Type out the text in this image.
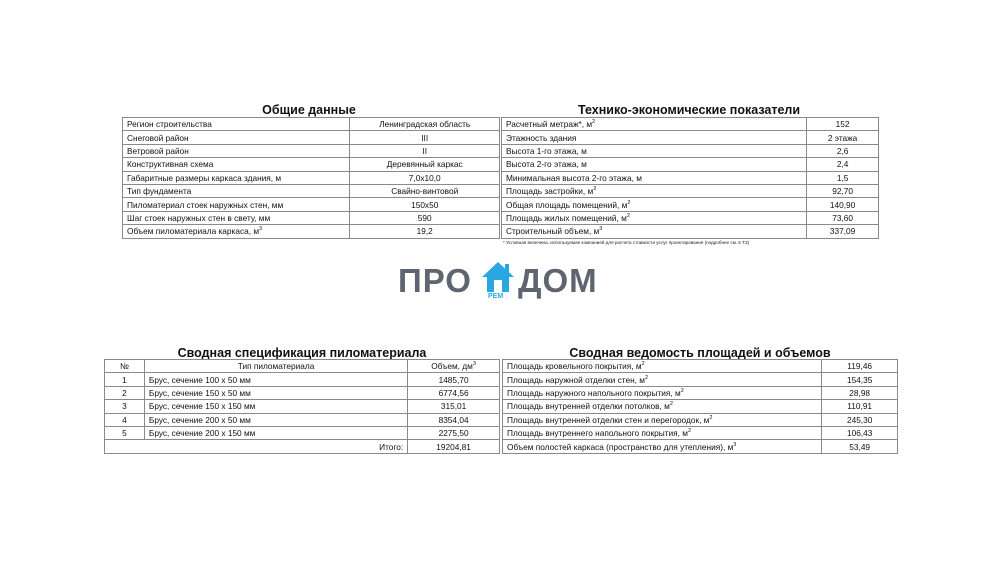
Общие данные
Регион строительства	Ленинградская область
Снеговой район	III
Ветровой район	II
Конструктивная схема	Деревянный каркас
Габаритные размеры каркаса здания, м	7,0x10,0
Тип фундамента	Свайно-винтовой
Пиломатериал стоек наружных стен, мм	150x50
Шаг стоек наружных стен в свету, мм	590
Объем пиломатериала каркаса, $м^3$	19,2
Технико-экономические показатели
Расчетный метраж*, $м^2$	152
Этажность здания	2 этажа
Высота 1-го этажа, м	2,6
Высота 2-го этажа, м	2,4
Минимальная высота 2-го этажа, м	1,5
Площадь застройки, $м^2$	92,70
Общая площадь помещений, $м^2$	140,90
Площадь жилых помещений, $м^2$	73,60
Строительный объем, $м^3$	337,09
* Условная величина, используемая компанией для расчета стоимости услуг проектирования (подробнее см. в ТЗ)
ПРО РЕМ ДОМ
Сводная спецификация пиломатериала
№	Тип пиломатериала	Объем, $дм^3$
1	Брус, сечение 100 x 50 мм	1485,70
2	Брус, сечение 150 x 50 мм	6774,56
3	Брус, сечение 150 x 150 мм	315,01
4	Брус, сечение 200 x 50 мм	8354,04
5	Брус, сечение 200 x 150 мм	2275,50
	Итого:	19204,81
Сводная ведомость площадей и объемов
Площадь кровельного покрытия, $м^2$	119,46
Площадь наружной отделки стен, $м^2$	154,35
Площадь наружного напольного покрытия, $м^2$	28,98
Площадь внутренней отделки потолков, $м^2$	110,91
Площадь внутренней отделки стен и перегородок, $м^2$	245,30
Площадь внутреннего напольного покрытия, $м^2$	106,43
Объем полостей каркаса (пространство для утепления), $м^3$	53,49
